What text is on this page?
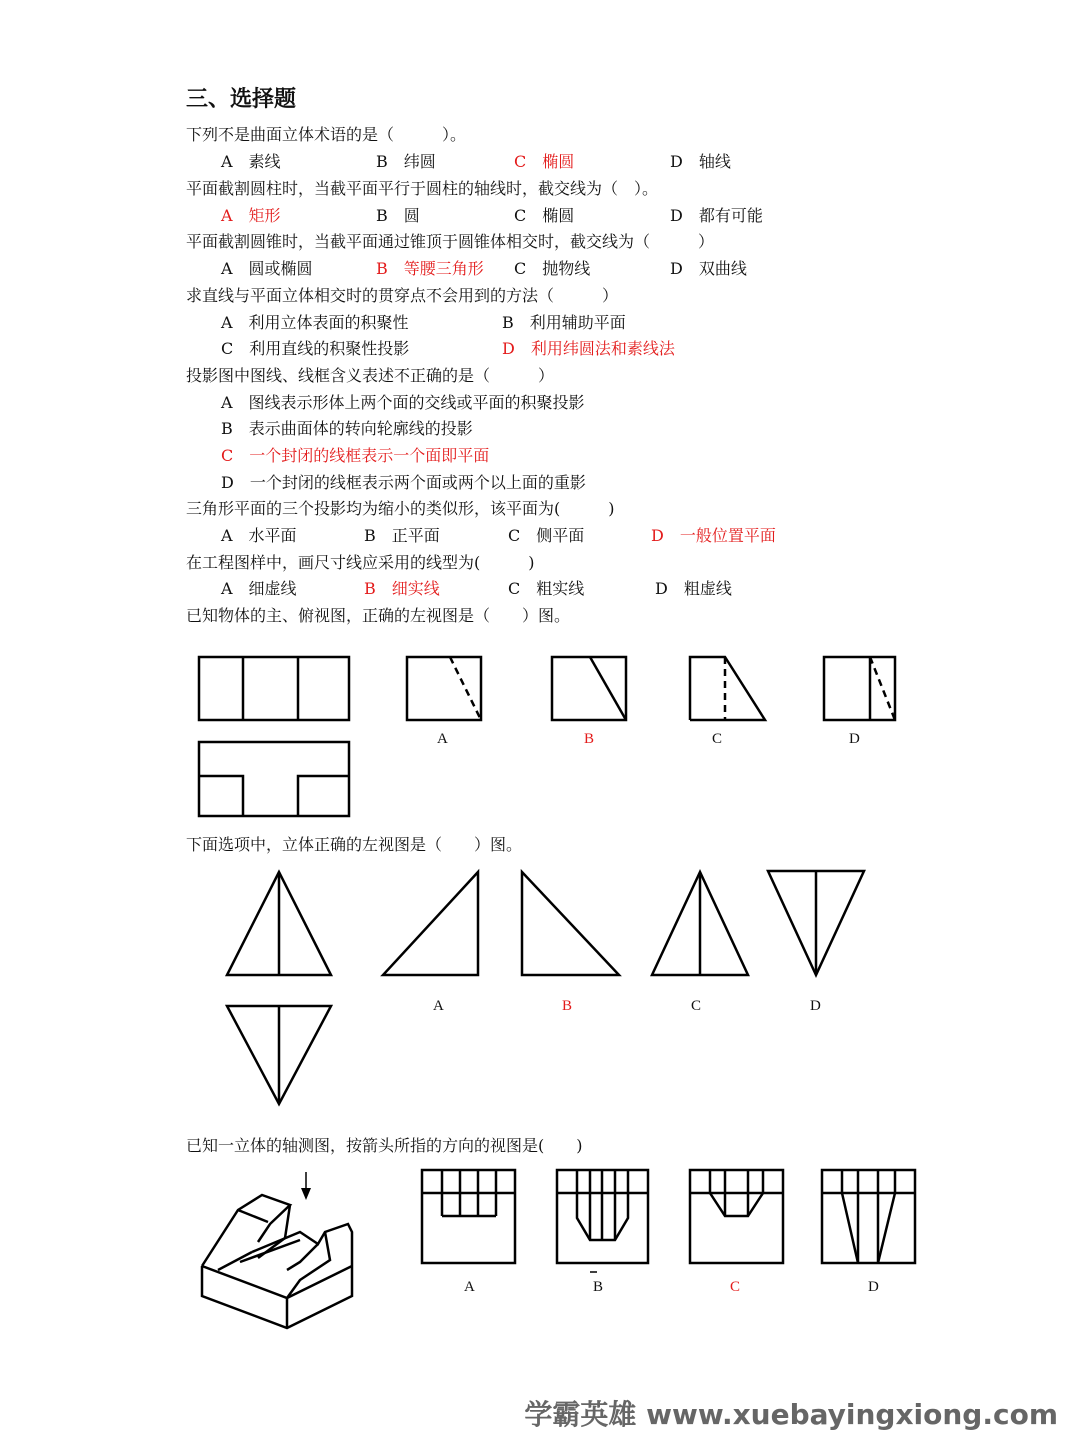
三、选择题
下列不是曲面立体术语的是（　　　）。
A　素线	B　纬圆	C　椭圆	D　轴线
平面截割圆柱时，当截平面平行于圆柱的轴线时，截交线为（　）。
A　矩形	B　圆	C　椭圆	D　都有可能
平面截割圆锥时，当截平面通过锥顶于圆锥体相交时，截交线为（　　　）
A　圆或椭圆	B　等腰三角形 C　抛物线	D　双曲线
求直线与平面立体相交时的贯穿点不会用到的方法（　　　）
A　利用立体表面的积聚性	B　利用辅助平面
C　利用直线的积聚性投影	D　利用纬圆法和素线法
投影图中图线、线框含义表述不正确的是（　　　）
A　图线表示形体上两个面的交线或平面的积聚投影
B　表示曲面体的转向轮廓线的投影
C　一个封闭的线框表示一个面即平面
D　一个封闭的线框表示两个面或两个以上面的重影
三角形平面的三个投影均为缩小的类似形，该平面为(　　　)
A　水平面	B　正平面	C　侧平面	D　一般位置平面
在工程图样中，画尺寸线应采用的线型为(　　　)
A　细虚线	B　细实线	C　粗实线	D　粗虚线
已知物体的主、俯视图，正确的左视图是（　　）图。
下面选项中，立体正确的左视图是（　　）图。
已知一立体的轴测图，按箭头所指的方向的视图是(　　)
A	B	C	D
A	B	C	D
A	B	C	D
学霸英雄 www.xuebayingxiong.com
